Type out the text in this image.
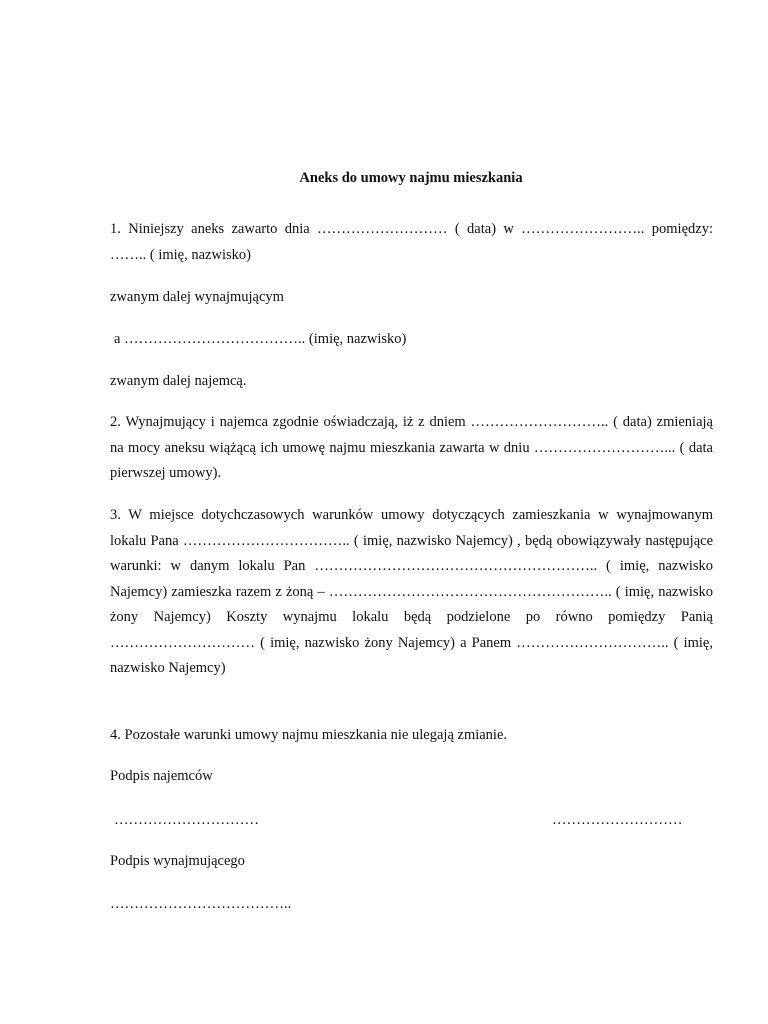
Aneks do umowy najmu mieszkania
1. Niniejszy aneks zawarto dnia ……………………… ( data) w …………………….. pomiędzy: …….. ( imię, nazwisko)
zwanym dalej wynajmującym
a ……………………………….. (imię, nazwisko)
zwanym dalej najemcą.
2. Wynajmujący i najemca zgodnie oświadczają, iż z dniem ……………………….. ( data) zmieniają na mocy aneksu wiążącą ich umowę najmu mieszkania zawarta w dniu ………………………... ( data pierwszej umowy).
3. W miejsce dotychczasowych warunków umowy dotyczących zamieszkania w wynajmowanym lokalu Pana …………………………….. ( imię, nazwisko Najemcy) , będą obowiązywały następujące warunki: w danym lokalu Pan ………………………………………………….. ( imię, nazwisko Najemcy) zamieszka razem z żoną – ………………………………………………….. ( imię, nazwisko żony Najemcy) Koszty wynajmu lokalu będą podzielone po równo pomiędzy Panią ………………………… ( imię, nazwisko żony Najemcy) a Panem ………………………….. ( imię, nazwisko Najemcy)
4. Pozostałe warunki umowy najmu mieszkania nie ulegają zmianie.
Podpis najemców
…………………………	………………………
Podpis wynajmującego
………………………………..
